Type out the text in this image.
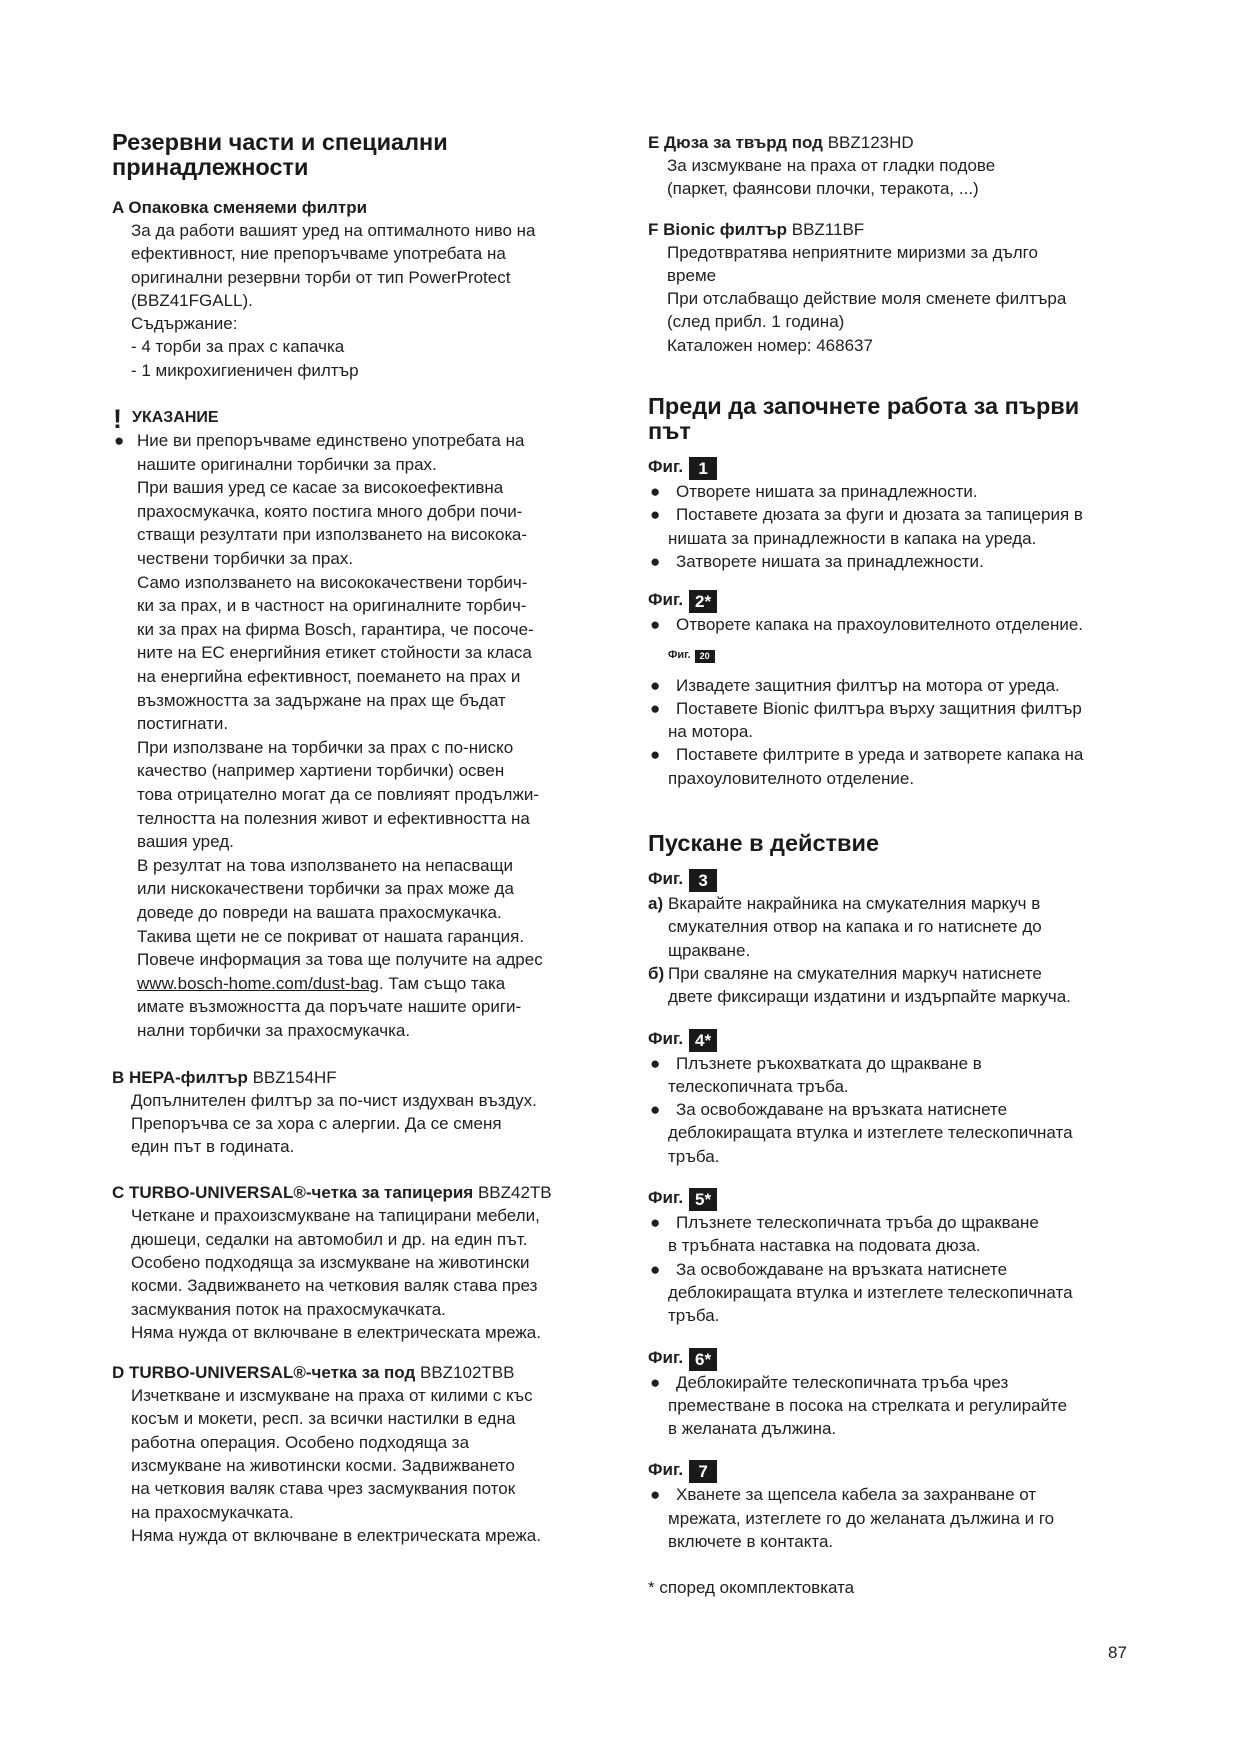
Резервни части и специални
принадлежности

A Опаковка сменяеми филтри

За да работи вашият уред на оптималното ниво на

ефективност, ние препоръчваме употребата на

оригинални резервни торби от тип PowerProtect

(BBZ41FGALL).

Съдържание:

- 4 торби за прах с капачка

- 1 микрохигиеничен филтър

! УКАЗАНИЕ

● Ние ви препоръчваме единствено употребата на

нашите оригинални торбички за прах.

При вашия уред се касае за високоефективна

прахосмукачка, която постига много добри почи-

стващи резултати при използването на висококa-

чествени торбички за прах.

Само използването на висококачествени торбич-

ки за прах, и в частност на оригиналните торбич-

ки за прах на фирма Bosch, гарантира, че посоче-

ните на ЕС енергийния етикет стойности за класа

на енергийна ефективност, поемането на прах и

възможността за задържане на прах ще бъдат

постигнати.

При използване на торбички за прах с по-ниско

качество (например хартиени торбички) освен

това отрицателно могат да се повлияят продължи-

телността на полезния живот и ефективността на

вашия уред.

В резултат на това използването на непасващи

или нискокачествени торбички за прах може да

доведе до повреди на вашата прахосмукачка.

Такива щети не се покриват от нашата гаранция.

Повече информация за това ще получите на адрес

www.bosch-home.com/dust-bag. Там също така

имате възможността да поръчате нашите ориги-

нални торбички за прахосмукачка.

B HEPA-филтър BBZ154HF

Допълнителен филтър за по-чист издухван въздух.

Препоръчва се за хора с алергии. Да се сменя

един път в годината.

C TURBO-UNIVERSAL®-четка за тапицерия BBZ42TB

Четкане и прахоизсмукване на тапицирани мебели,

дюшеци, седалки на автомобил и др. на един път.

Особено подходяща за изсмукване на животински

косми. Задвижването на четковия валяк става през

засмуквания поток на прахосмукачката.

Няма нужда от включване в електрическата мрежа.

D TURBO-UNIVERSAL®-четка за под BBZ102TBB

Изчеткване и изсмукване на праха от килими с къс

косъм и мокети, респ. за всички настилки в една

работна операция. Особено подходяща за

изсмукване на животински косми. Задвижването

на четковия валяк става чрез засмуквания поток

на прахосмукачката.

Няма нужда от включване в електрическата мрежа.

E Дюза за твърд под BBZ123HD

За изсмукване на праха от гладки подове

(паркет, фаянсови плочки, теракота, ...)

F Bionic филтър BBZ11BF

Предотвратява неприятните миризми за дълго

време

При отслабващо действие моля сменете филтъра

(след прибл. 1 година)

Каталожен номер: 468637

Преди да започнете работа за първи
път

Фиг. 1

● Отворете нишата за принадлежности.
● Поставете дюзата за фуги и дюзата за тапицерия в
нишата за принадлежности в капака на уреда.
● Затворете нишата за принадлежности.

Фиг. 2*

● Отворете капака на прахоуловителното отделение.

Фиг. 20

● Извадете защитния филтър на мотора от уреда.
● Поставете Bionic филтъра върху защитния филтър
на мотора.
● Поставете филтрите в уреда и затворете капака на
прахоуловителното отделение.
Пускане в действие

Фиг. 3

а) Вкарайте накрайника на смукателния маркуч в
смукателния отвор на капака и го натиснете до
щракване.
б) При сваляне на смукателния маркуч натиснете
двете фиксиращи издатини и издърпайте маркуча.

Фиг. 4*

● Плъзнете ръкохватката до щракване в
телескопичната тръба.
● За освобождаване на връзката натиснете
деблокиращата втулка и изтеглете телескопичната
тръба.

Фиг. 5*

● Плъзнете телескопичната тръба до щракване
в тръбната наставка на подовата дюза.
● За освобождаване на връзката натиснете
деблокиращата втулка и изтеглете телескопичната
тръба.

Фиг. 6*

● Деблокирайте телескопичната тръба чрез
преместване в посока на стрелката и регулирайте
в желаната дължина.

Фиг. 7

● Хванете за щепсела кабела за захранване от
мрежата, изтеглете го до желаната дължина и го
включете в контакта.

* според окомплектовката

87
